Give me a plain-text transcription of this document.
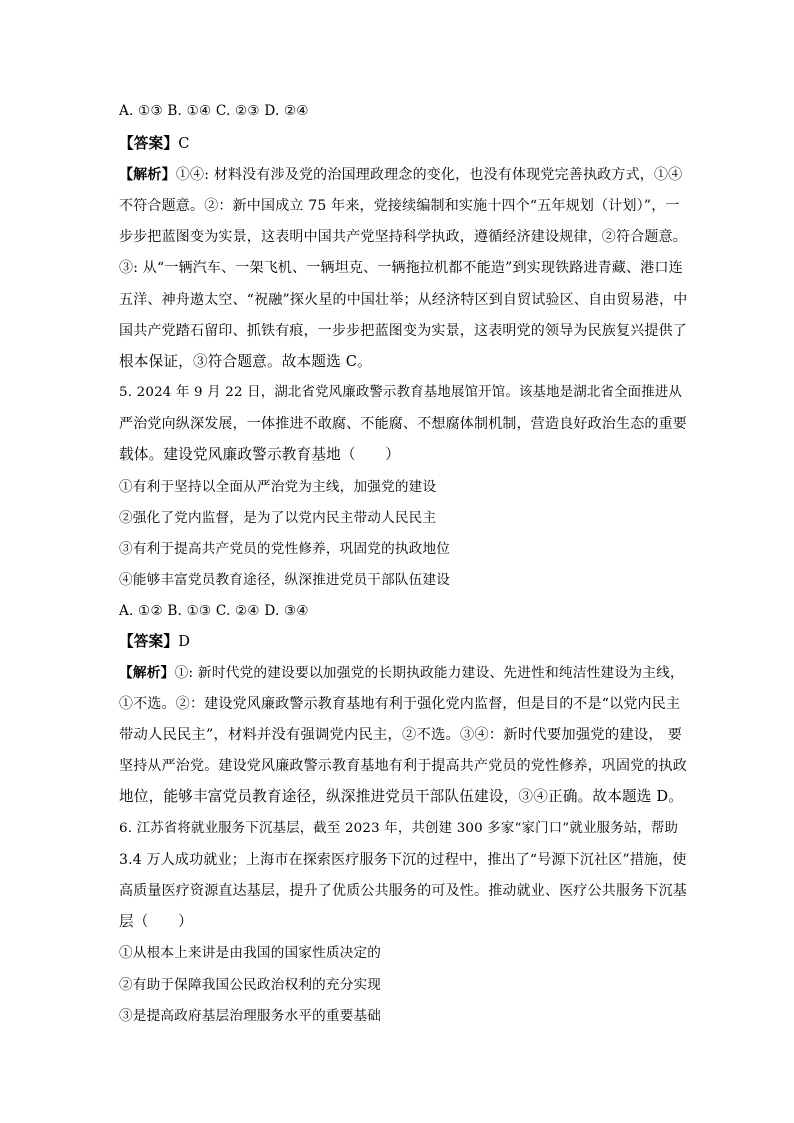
A. ①③ B. ①④ C. ②③ D. ②④
【答案】C
【解析】①④: 材料没有涉及党的治国理政理念的变化，也没有体现党完善执政方式，①④
不符合题意。②：新中国成立 75 年来，党接续编制和实施十四个“五年规划（计划）”，一
步步把蓝图变为实景，这表明中国共产党坚持科学执政，遵循经济建设规律，②符合题意。
③: 从“一辆汽车、一架飞机、一辆坦克、一辆拖拉机都不能造”到实现铁路进青藏、港口连
五洋、神舟遨太空、“祝融”探火星的中国壮举；从经济特区到自贸试验区、自由贸易港，中
国共产党踏石留印、抓铁有痕，一步步把蓝图变为实景，这表明党的领导为民族复兴提供了
根本保证，③符合题意。故本题选 C。
5. 2024 年 9 月 22 日，湖北省党风廉政警示教育基地展馆开馆。该基地是湖北省全面推进从
严治党向纵深发展，一体推进不敢腐、不能腐、不想腐体制机制，营造良好政治生态的重要
载体。建设党风廉政警示教育基地（　　）
①有利于坚持以全面从严治党为主线，加强党的建设
②强化了党内监督，是为了以党内民主带动人民民主
③有利于提高共产党员的党性修养，巩固党的执政地位
④能够丰富党员教育途径，纵深推进党员干部队伍建设
A. ①② B. ①③ C. ②④ D. ③④
【答案】D
【解析】①: 新时代党的建设要以加强党的长期执政能力建设、先进性和纯洁性建设为主线，
①不选。②：建设党风廉政警示教育基地有利于强化党内监督，但是目的不是“以党内民主
带动人民民主”，材料并没有强调党内民主，②不选。③④：新时代要加强党的建设， 要
坚持从严治党。建设党风廉政警示教育基地有利于提高共产党员的党性修养，巩固党的执政
地位，能够丰富党员教育途径，纵深推进党员干部队伍建设，③④正确。故本题选 D。
6. 江苏省将就业服务下沉基层，截至 2023 年，共创建 300 多家“家门口”就业服务站，帮助
3.4 万人成功就业；上海市在探索医疗服务下沉的过程中，推出了“号源下沉社区”措施，使
高质量医疗资源直达基层，提升了优质公共服务的可及性。推动就业、医疗公共服务下沉基
层（　　）
①从根本上来讲是由我国的国家性质决定的
②有助于保障我国公民政治权利的充分实现
③是提高政府基层治理服务水平的重要基础
